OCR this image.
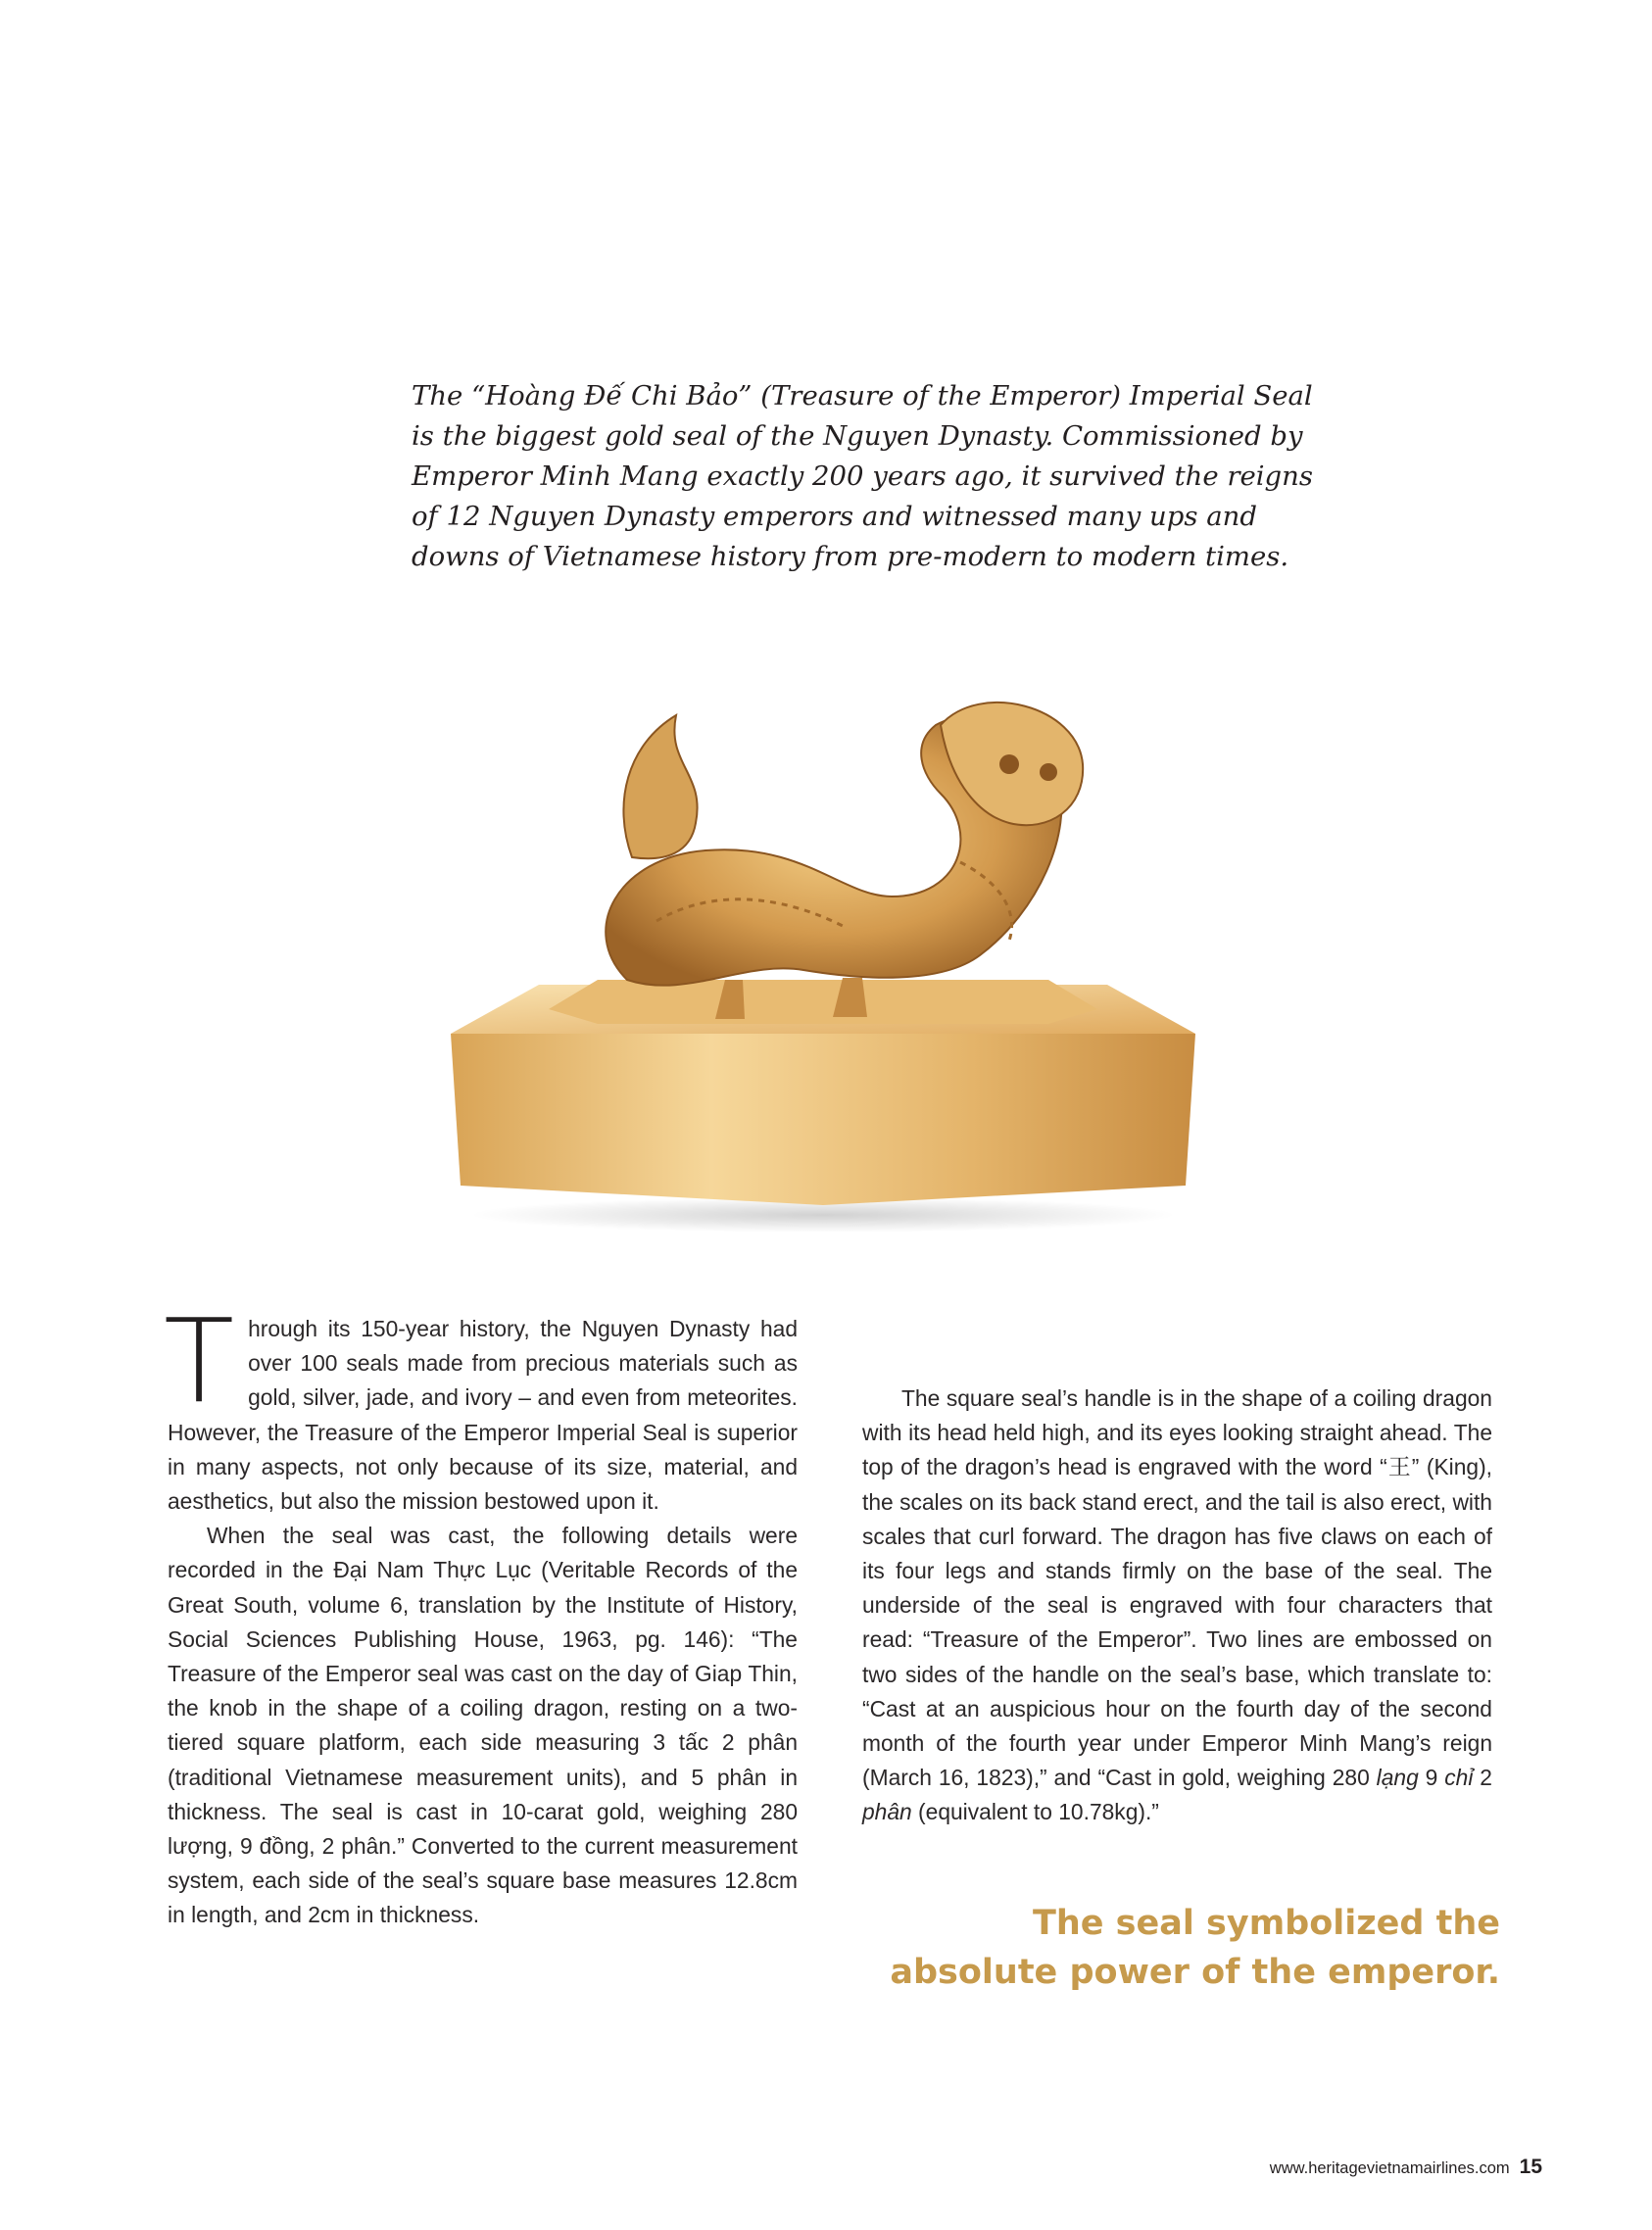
The “Hoàng Đế Chi Bảo” (Treasure of the Emperor) Imperial Seal
is the biggest gold seal of the Nguyen Dynasty. Commissioned by
Emperor Minh Mang exactly 200 years ago, it survived the reigns
of 12 Nguyen Dynasty emperors and witnessed many ups and
downs of Vietnamese history from pre-modern to modern times.

Through its 150-year history, the Nguyen Dynasty had over 100 seals made from precious materials such as gold, silver, jade, and ivory – and even from meteorites. However, the Treasure of the Emperor Imperial Seal is superior in many aspects, not only because of its size, material, and aesthetics, but also the mission bestowed upon it.

When the seal was cast, the following details were recorded in the Đại Nam Thực Lục (Veritable Records of the Great South, volume 6, translation by the Institute of History, Social Sciences Publishing House, 1963, pg. 146): “The Treasure of the Emperor seal was cast on the day of Giap Thin, the knob in the shape of a coiling dragon, resting on a two-tiered square platform, each side measuring 3 tấc 2 phân (traditional Vietnamese measurement units), and 5 phân in thickness. The seal is cast in 10-carat gold, weighing 280 lượng, 9 đồng, 2 phân.” Converted to the current measurement system, each side of the seal’s square base measures 12.8cm in length, and 2cm in thickness.

The square seal’s handle is in the shape of a coiling dragon with its head held high, and its eyes looking straight ahead. The top of the dragon’s head is engraved with the word “王” (King), the scales on its back stand erect, and the tail is also erect, with scales that curl forward. The dragon has five claws on each of its four legs and stands firmly on the base of the seal. The underside of the seal is engraved with four characters that read: “Treasure of the Emperor”. Two lines are embossed on two sides of the handle on the seal’s base, which translate to: “Cast at an auspicious hour on the fourth day of the second month of the fourth year under Emperor Minh Mang’s reign (March 16, 1823),” and “Cast in gold, weighing 280 lạng 9 chỉ 2 phân (equivalent to 10.78kg).”

The seal symbolized the
absolute power of the emperor.
www.heritagevietnamairlines.com 15
